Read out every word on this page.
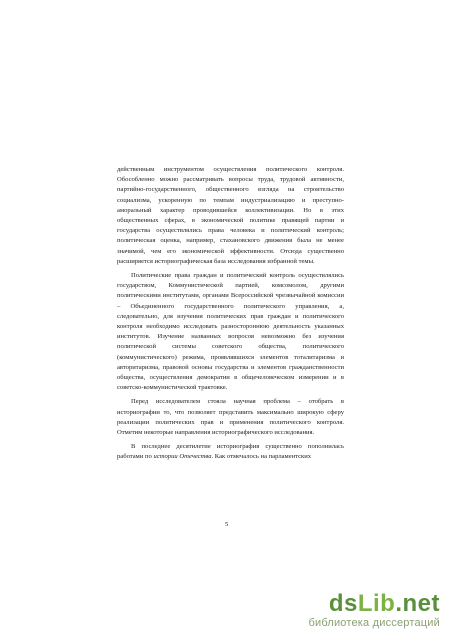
действенным инструментом осуществления политического контроля. Обособленно можно рассматривать вопросы труда, трудовой активности, партийно-государственного, общественного взгляда на строительство социализма, ускоренную по темпам индустриализацию и преступно-аморальный характер проводившейся коллективизации. Но в этих общественных сферах, в экономической политике правящей партии и государства осуществлялись права человека и политический контроль; политическая оценка, например, стахановского движения была не менее значимой, чем его экономической эффективности. Отсюда существенно расширяется историографическая база исследования избранной темы.

Политические права граждан и политический контроль осуществлялись государством, Коммунистической партией, комсомолом, другими политическими институтами, органами Всероссийской чрезвычайной комиссии – Объединенного государственного политического управления, а, следовательно, для изучения политических прав граждан и политического контроля необходимо исследовать разностороннюю деятельность указанных институтов. Изучение названных вопросов невозможно без изучения политической системы советского общества, политического (коммунистического) режима, проявлявшихся элементов тоталитаризма и авторитаризма, правовой основы государства и элементов гражданственности общества, осуществления демократии в общечеловеческом измерении и в советско-коммунистической трактовке.

Перед исследователем стояла научная проблема – отобрать в историографии то, что позволяет представить максимально широкую сферу реализации политических прав и применения политического контроля. Отметим некоторые направления историографического исследования.

В последнее десятилетие историография существенно пополнилась работами по истории Отечества. Как отмечалось на парламентских

5
dsLib.net
библиотека диссертаций
